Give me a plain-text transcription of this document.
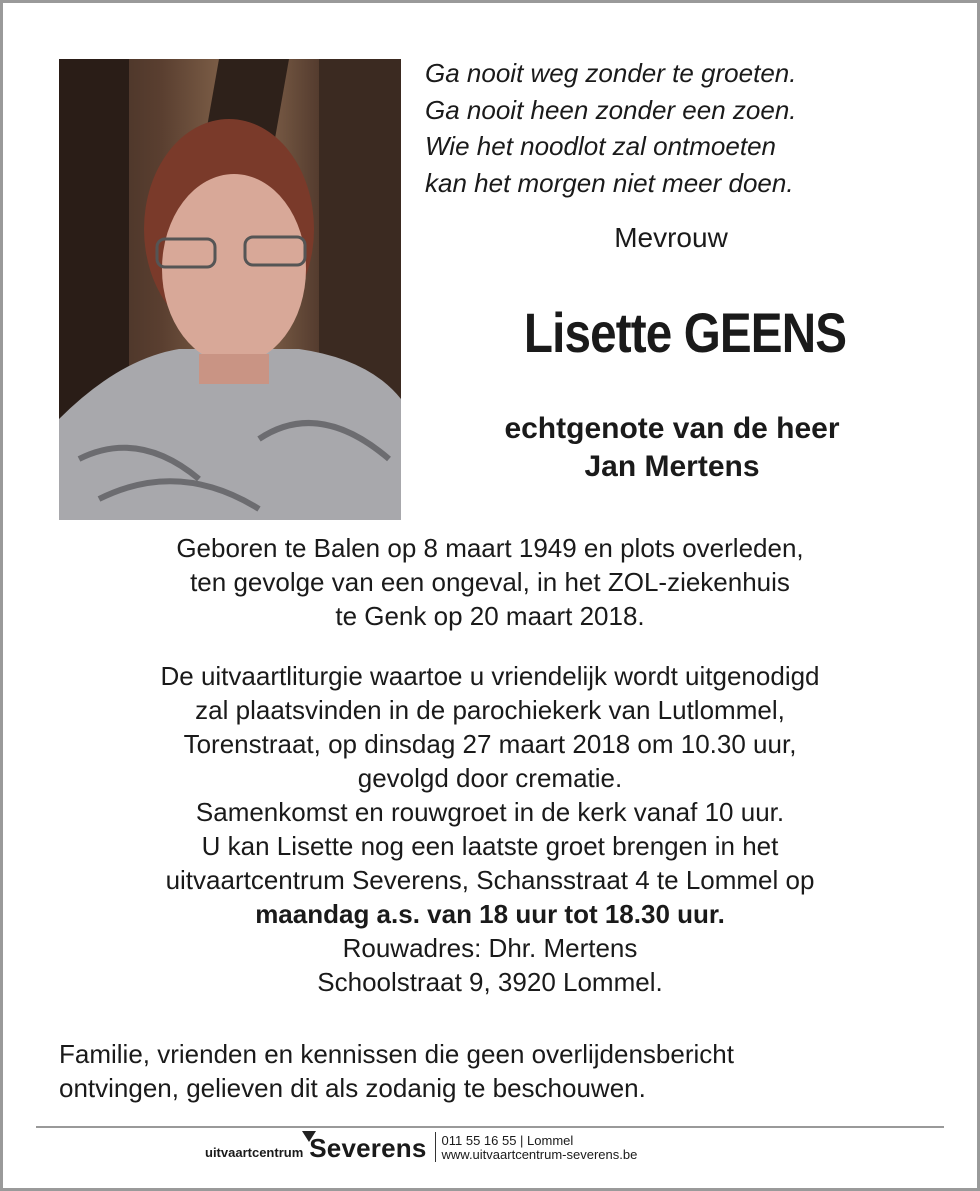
Ga nooit weg zonder te groeten.
Ga nooit heen zonder een zoen.
Wie het noodlot zal ontmoeten
kan het morgen niet meer doen.
Mevrouw
Lisette GEENS
echtgenote van de heer
Jan Mertens
Geboren te Balen op 8 maart 1949 en plots overleden,
ten gevolge van een ongeval, in het ZOL-ziekenhuis
te Genk op 20 maart 2018.
De uitvaartliturgie waartoe u vriendelijk wordt uitgenodigd
zal plaatsvinden in de parochiekerk van Lutlommel,
Torenstraat, op dinsdag 27 maart 2018 om 10.30 uur,
gevolgd door crematie.
Samenkomst en rouwgroet in de kerk vanaf 10 uur.
U kan Lisette nog een laatste groet brengen in het
uitvaartcentrum Severens, Schansstraat 4 te Lommel op
maandag a.s. van 18 uur tot 18.30 uur.
Rouwadres: Dhr. Mertens
Schoolstraat 9, 3920 Lommel.
Familie, vrienden en kennissen die geen overlijdensbericht
ontvingen, gelieven dit als zodanig te beschouwen.
uitvaartcentrum Severens 011 55 16 55 | Lommel
www.uitvaartcentrum-severens.be
